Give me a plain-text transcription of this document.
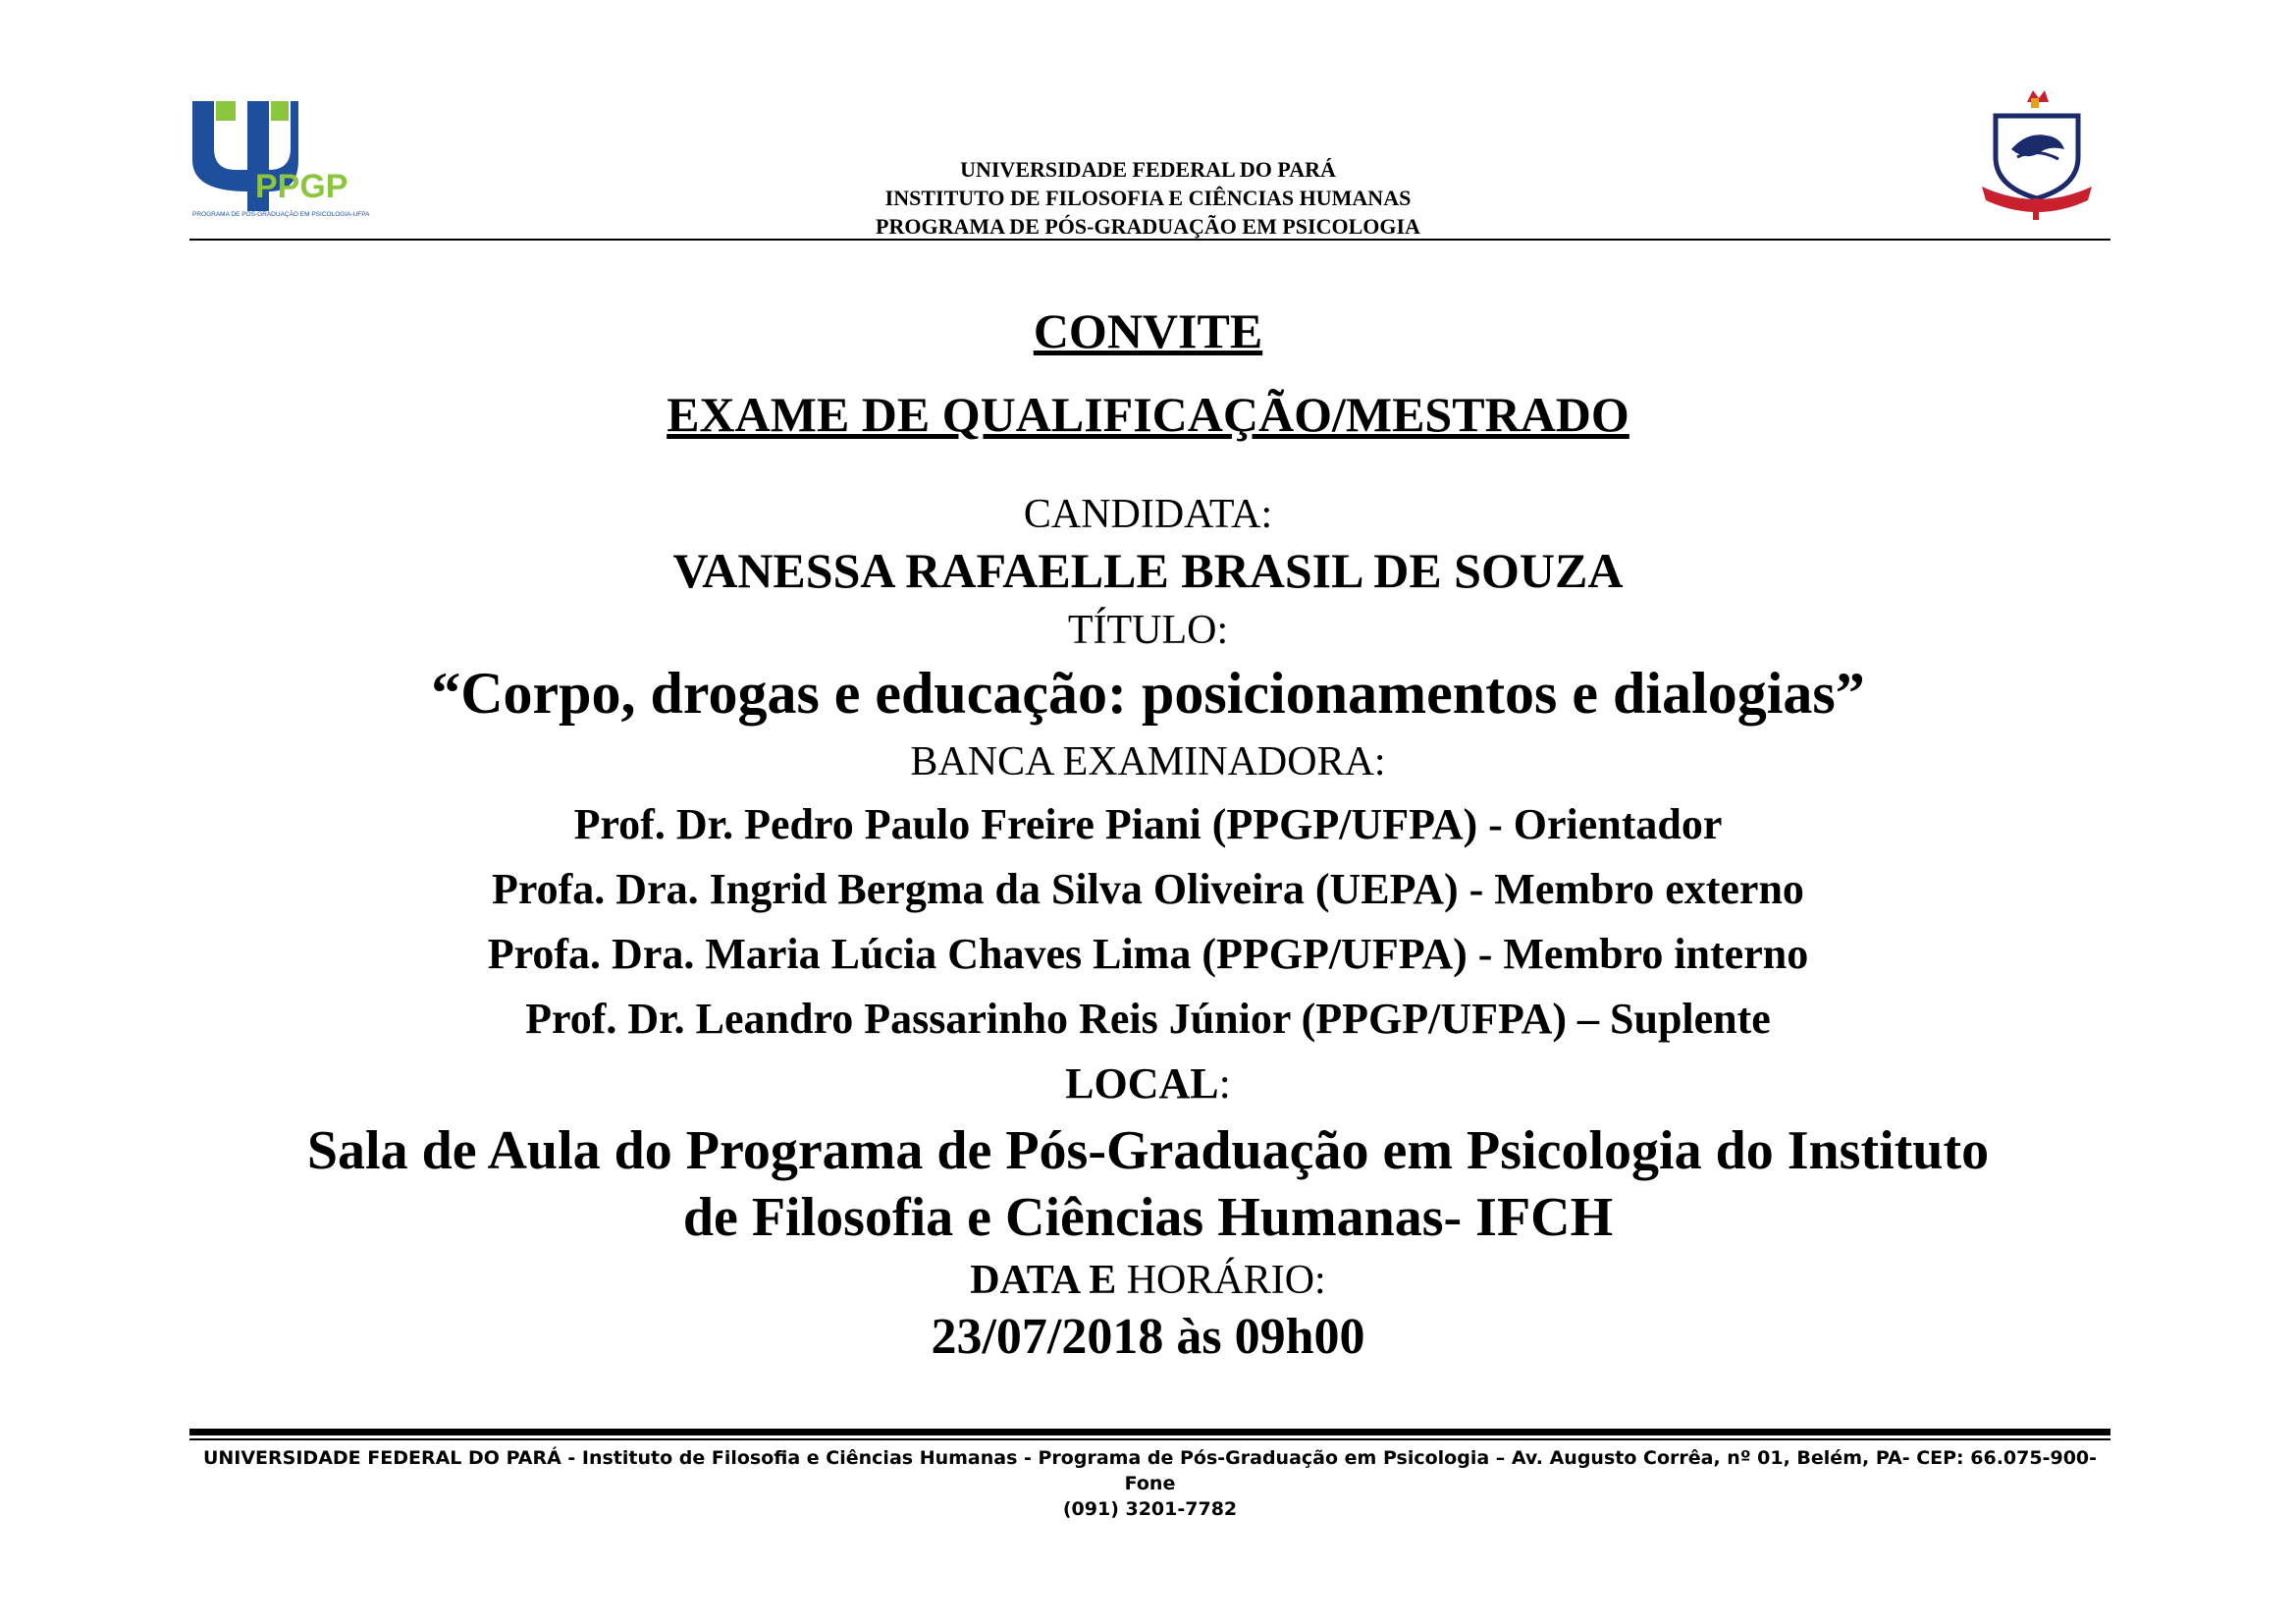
PPGP
PROGRAMA DE PÓS-GRADUAÇÃO EM PSICOLOGIA-UFPA
UNIVERSIDADE FEDERAL DO PARÁ
INSTITUTO DE FILOSOFIA E CIÊNCIAS HUMANAS
PROGRAMA DE PÓS-GRADUAÇÃO EM PSICOLOGIA
CONVITE
EXAME DE QUALIFICAÇÃO/MESTRADO
CANDIDATA:
VANESSA RAFAELLE BRASIL DE SOUZA
TÍTULO:
“Corpo, drogas e educação: posicionamentos e dialogias”
BANCA EXAMINADORA:
Prof. Dr. Pedro Paulo Freire Piani (PPGP/UFPA) - Orientador
Profa. Dra. Ingrid Bergma da Silva Oliveira (UEPA) - Membro externo
Profa. Dra. Maria Lúcia Chaves Lima (PPGP/UFPA) - Membro interno
Prof. Dr. Leandro Passarinho Reis Júnior (PPGP/UFPA) – Suplente
LOCAL:
Sala de Aula do Programa de Pós-Graduação em Psicologia do Instituto
de Filosofia e Ciências Humanas- IFCH
DATA E HORÁRIO:
23/07/2018 às 09h00
UNIVERSIDADE FEDERAL DO PARÁ - Instituto de Filosofia e Ciências Humanas - Programa de Pós-Graduação em Psicologia – Av. Augusto Corrêa, nº 01, Belém, PA- CEP: 66.075-900- Fone
(091) 3201-7782
